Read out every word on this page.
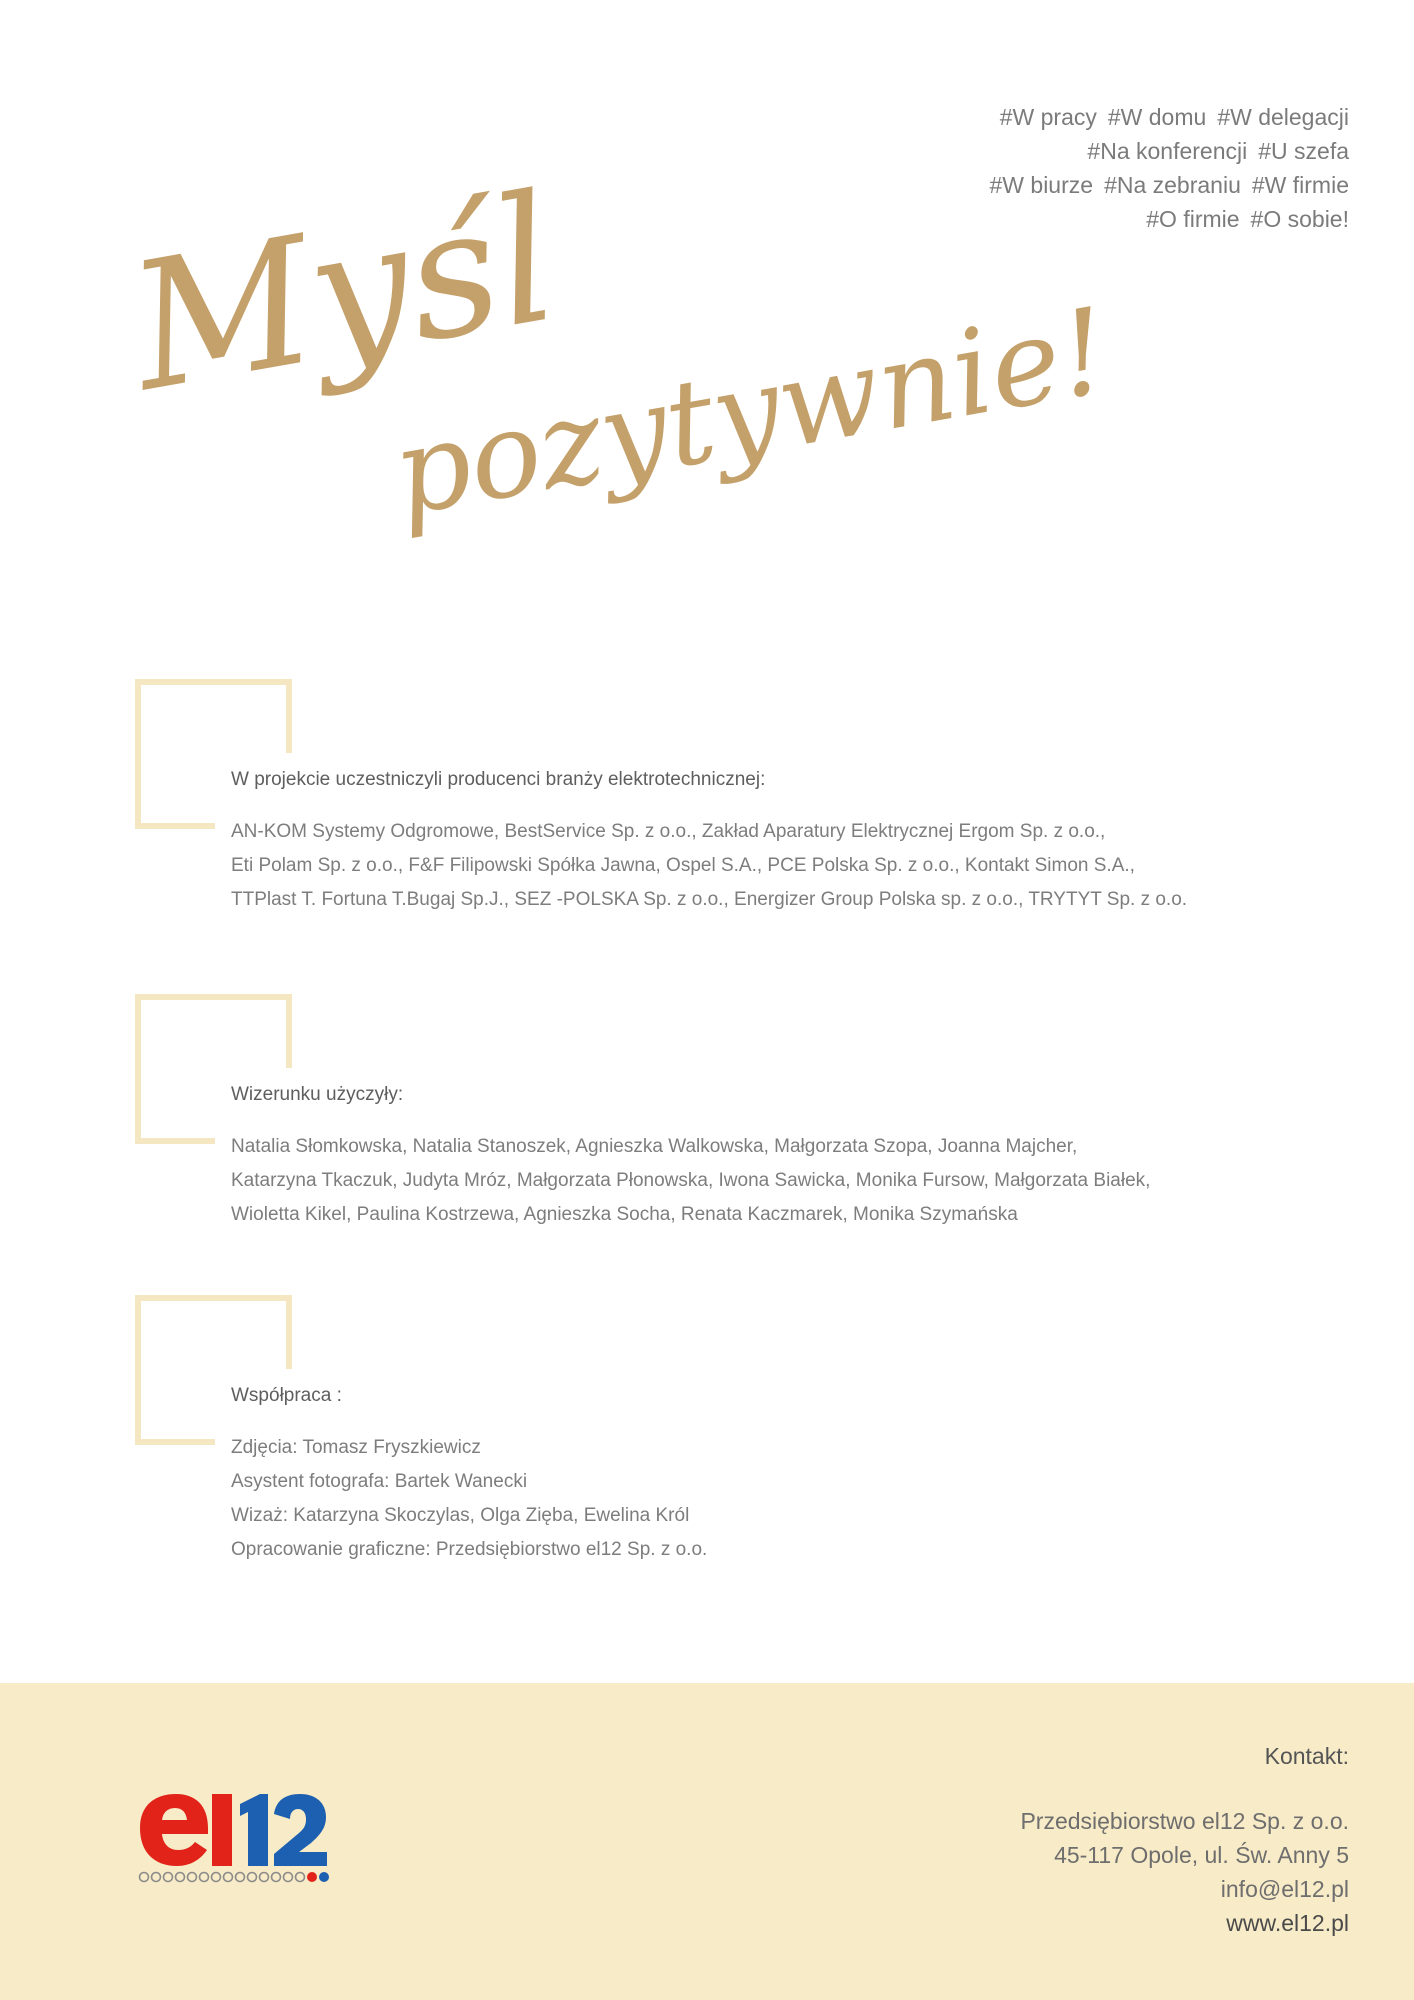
#W pracy #W domu #W delegacji
#Na konferencji #U szefa
#W biurze #Na zebraniu #W firmie
#O firmie #O sobie!
Myśl
pozytywnie!
W projekcie uczestniczyli producenci branży elektrotechnicznej:
AN-KOM Systemy Odgromowe, BestService Sp. z o.o., Zakład Aparatury Elektrycznej Ergom Sp. z o.o.,
Eti Polam Sp. z o.o., F&F Filipowski Spółka Jawna, Ospel S.A., PCE Polska Sp. z o.o., Kontakt Simon S.A.,
TTPlast T. Fortuna T.Bugaj Sp.J., SEZ -POLSKA Sp. z o.o., Energizer Group Polska sp. z o.o., TRYTYT Sp. z o.o.
Wizerunku użyczyły:
Natalia Słomkowska, Natalia Stanoszek, Agnieszka Walkowska, Małgorzata Szopa, Joanna Majcher,
Katarzyna Tkaczuk, Judyta Mróz, Małgorzata Płonowska, Iwona Sawicka, Monika Fursow, Małgorzata Białek,
Wioletta Kikel, Paulina Kostrzewa, Agnieszka Socha, Renata Kaczmarek, Monika Szymańska
Współpraca :
Zdjęcia: Tomasz Fryszkiewicz
Asystent fotografa: Bartek Wanecki
Wizaż: Katarzyna Skoczylas, Olga Zięba, Ewelina Król
Opracowanie graficzne: Przedsiębiorstwo el12 Sp. z o.o.
Kontakt:
Przedsiębiorstwo el12 Sp. z o.o.
45-117 Opole, ul. Św. Anny 5
info@el12.pl
www.el12.pl
